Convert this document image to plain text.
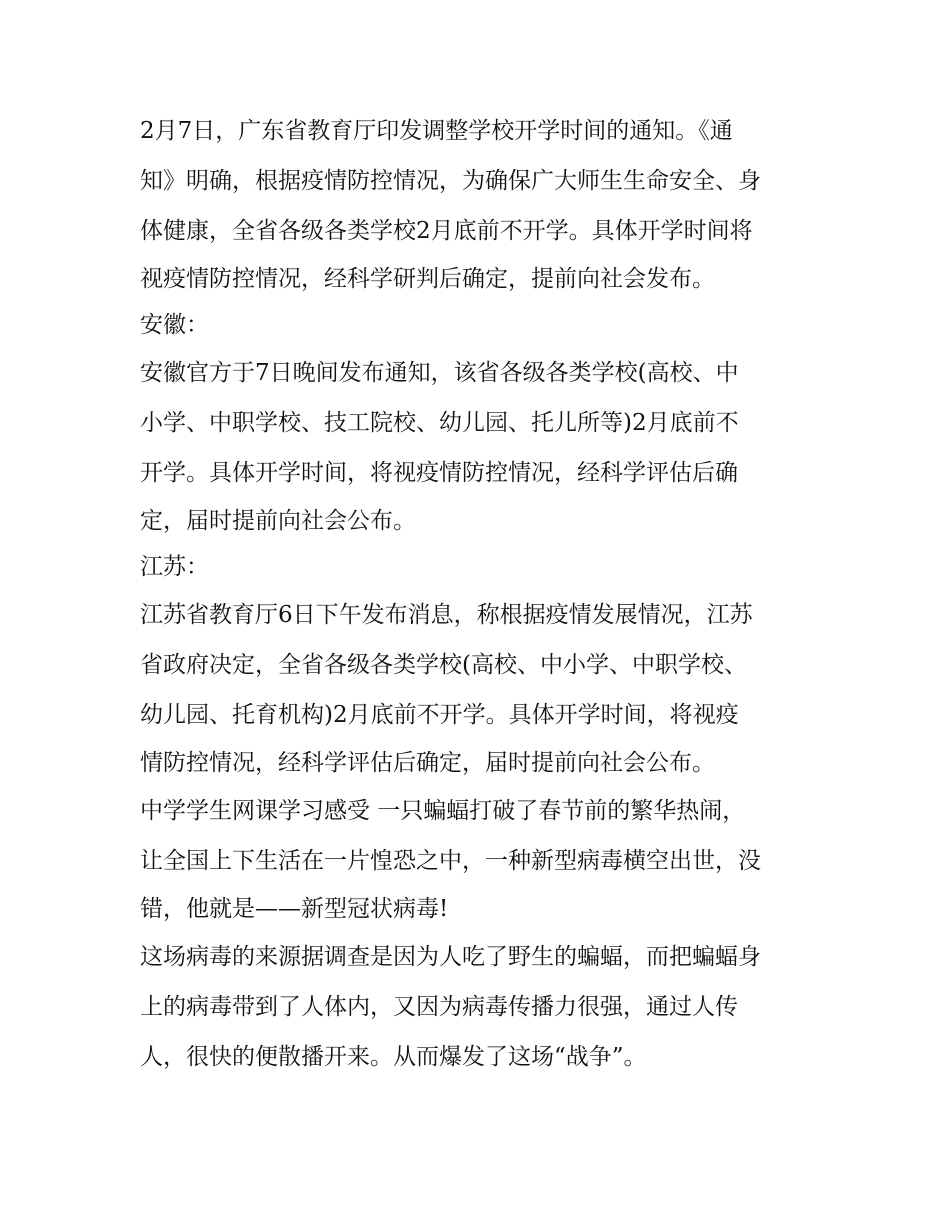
2月7日，广东省教育厅印发调整学校开学时间的通知。《通
知》明确，根据疫情防控情况，为确保广大师生生命安全、身
体健康，全省各级各类学校2月底前不开学。具体开学时间将
视疫情防控情况，经科学研判后确定，提前向社会发布。
安徽：
安徽官方于7日晚间发布通知，该省各级各类学校(高校、中
小学、中职学校、技工院校、幼儿园、托儿所等)2月底前不
开学。具体开学时间，将视疫情防控情况，经科学评估后确
定，届时提前向社会公布。
江苏：
江苏省教育厅6日下午发布消息，称根据疫情发展情况，江苏
省政府决定，全省各级各类学校(高校、中小学、中职学校、
幼儿园、托育机构)2月底前不开学。具体开学时间，将视疫
情防控情况，经科学评估后确定，届时提前向社会公布。
中学学生网课学习感受 一只蝙蝠打破了春节前的繁华热闹，
让全国上下生活在一片惶恐之中，一种新型病毒横空出世，没
错，他就是——新型冠状病毒!
这场病毒的来源据调查是因为人吃了野生的蝙蝠，而把蝙蝠身
上的病毒带到了人体内，又因为病毒传播力很强，通过人传
人，很快的便散播开来。从而爆发了这场“战争”。
